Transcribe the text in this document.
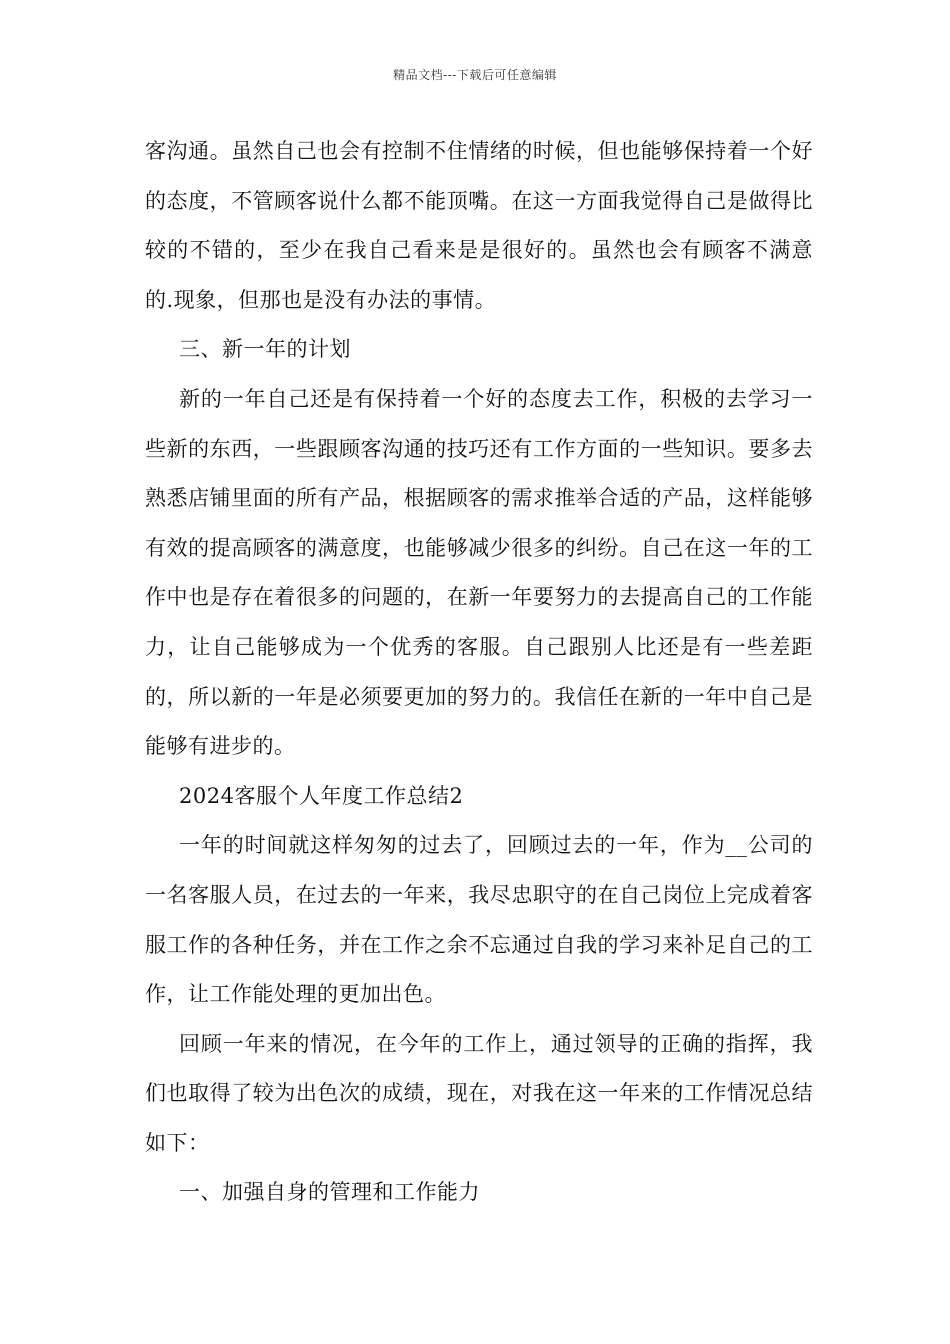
精品文档---下载后可任意编辑

客沟通。虽然自己也会有控制不住情绪的时候，但也能够保持着一个好的态度，不管顾客说什么都不能顶嘴。在这一方面我觉得自己是做得比较的不错的，至少在我自己看来是是很好的。虽然也会有顾客不满意的.现象，但那也是没有办法的事情。

三、新一年的计划

新的一年自己还是有保持着一个好的态度去工作，积极的去学习一些新的东西，一些跟顾客沟通的技巧还有工作方面的一些知识。要多去熟悉店铺里面的所有产品，根据顾客的需求推举合适的产品，这样能够有效的提高顾客的满意度，也能够减少很多的纠纷。自己在这一年的工作中也是存在着很多的问题的，在新一年要努力的去提高自己的工作能力，让自己能够成为一个优秀的客服。自己跟别人比还是有一些差距的，所以新的一年是必须要更加的努力的。我信任在新的一年中自己是能够有进步的。

2024客服个人年度工作总结2

一年的时间就这样匆匆的过去了，回顾过去的一年，作为__公司的一名客服人员，在过去的一年来，我尽忠职守的在自己岗位上完成着客服工作的各种任务，并在工作之余不忘通过自我的学习来补足自己的工作，让工作能处理的更加出色。

回顾一年来的情况，在今年的工作上，通过领导的正确的指挥，我们也取得了较为出色次的成绩，现在，对我在这一年来的工作情况总结如下：

一、加强自身的管理和工作能力
